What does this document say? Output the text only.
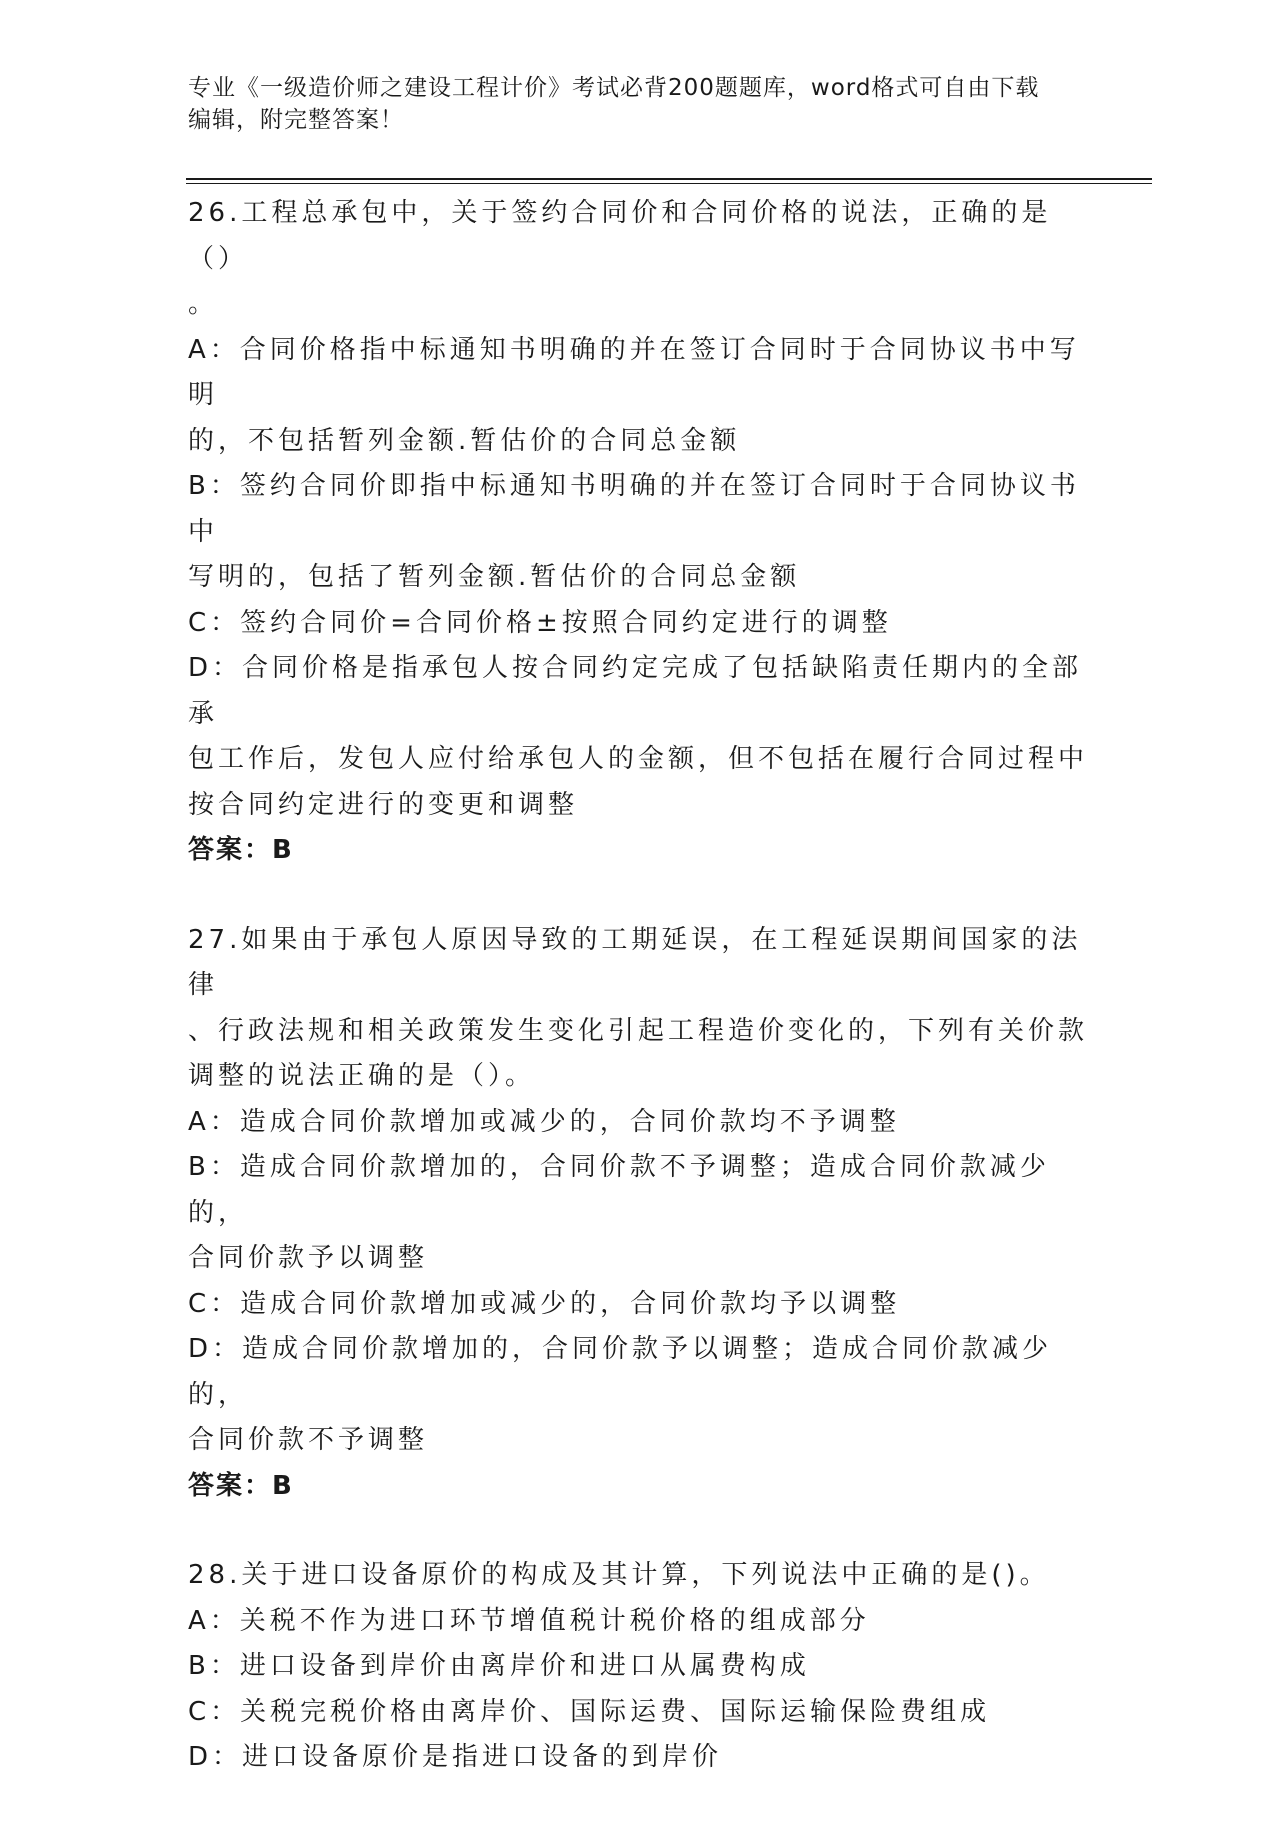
专业《一级造价师之建设工程计价》考试必背200题题库，word格式可自由下载
编辑，附完整答案！

26.工程总承包中，关于签约合同价和合同价格的说法，正确的是（）

。

A：合同价格指中标通知书明确的并在签订合同时于合同协议书中写明

的，不包括暂列金额.暂估价的合同总金额

B：签约合同价即指中标通知书明确的并在签订合同时于合同协议书中

写明的，包括了暂列金额.暂估价的合同总金额

C：签约合同价=合同价格±按照合同约定进行的调整

D：合同价格是指承包人按合同约定完成了包括缺陷责任期内的全部承

包工作后，发包人应付给承包人的金额，但不包括在履行合同过程中

按合同约定进行的变更和调整

答案：B

27.如果由于承包人原因导致的工期延误，在工程延误期间国家的法律

、行政法规和相关政策发生变化引起工程造价变化的，下列有关价款

调整的说法正确的是（）。

A：造成合同价款增加或减少的，合同价款均不予调整

B：造成合同价款增加的，合同价款不予调整；造成合同价款减少的，

合同价款予以调整

C：造成合同价款增加或减少的，合同价款均予以调整

D：造成合同价款增加的，合同价款予以调整；造成合同价款减少的，

合同价款不予调整

答案：B

28.关于进口设备原价的构成及其计算，下列说法中正确的是()。

A：关税不作为进口环节增值税计税价格的组成部分

B：进口设备到岸价由离岸价和进口从属费构成

C：关税完税价格由离岸价、国际运费、国际运输保险费组成

D：进口设备原价是指进口设备的到岸价
